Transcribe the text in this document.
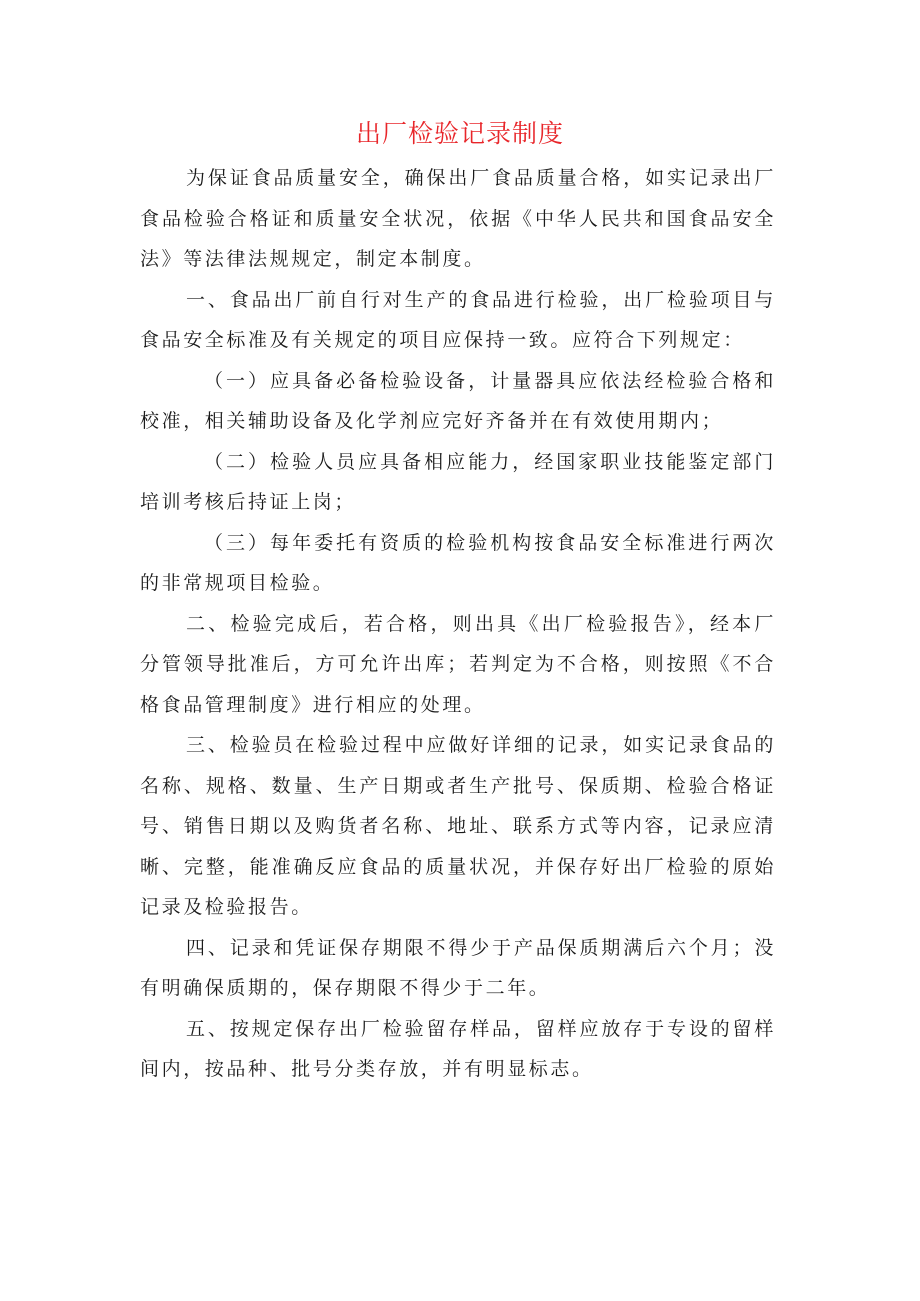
出厂检验记录制度

为保证食品质量安全，确保出厂食品质量合格，如实记录出厂食品检验合格证和质量安全状况，依据《中华人民共和国食品安全法》等法律法规规定，制定本制度。

一、食品出厂前自行对生产的食品进行检验，出厂检验项目与食品安全标准及有关规定的项目应保持一致。应符合下列规定：

（一）应具备必备检验设备，计量器具应依法经检验合格和校准，相关辅助设备及化学剂应完好齐备并在有效使用期内；

（二）检验人员应具备相应能力，经国家职业技能鉴定部门培训考核后持证上岗；

（三）每年委托有资质的检验机构按食品安全标准进行两次的非常规项目检验。

二、检验完成后，若合格，则出具《出厂检验报告》，经本厂分管领导批准后，方可允许出库；若判定为不合格，则按照《不合格食品管理制度》进行相应的处理。

三、检验员在检验过程中应做好详细的记录，如实记录食品的名称、规格、数量、生产日期或者生产批号、保质期、检验合格证号、销售日期以及购货者名称、地址、联系方式等内容，记录应清晰、完整，能准确反应食品的质量状况，并保存好出厂检验的原始记录及检验报告。

四、记录和凭证保存期限不得少于产品保质期满后六个月；没有明确保质期的，保存期限不得少于二年。

五、按规定保存出厂检验留存样品，留样应放存于专设的留样间内，按品种、批号分类存放，并有明显标志。
